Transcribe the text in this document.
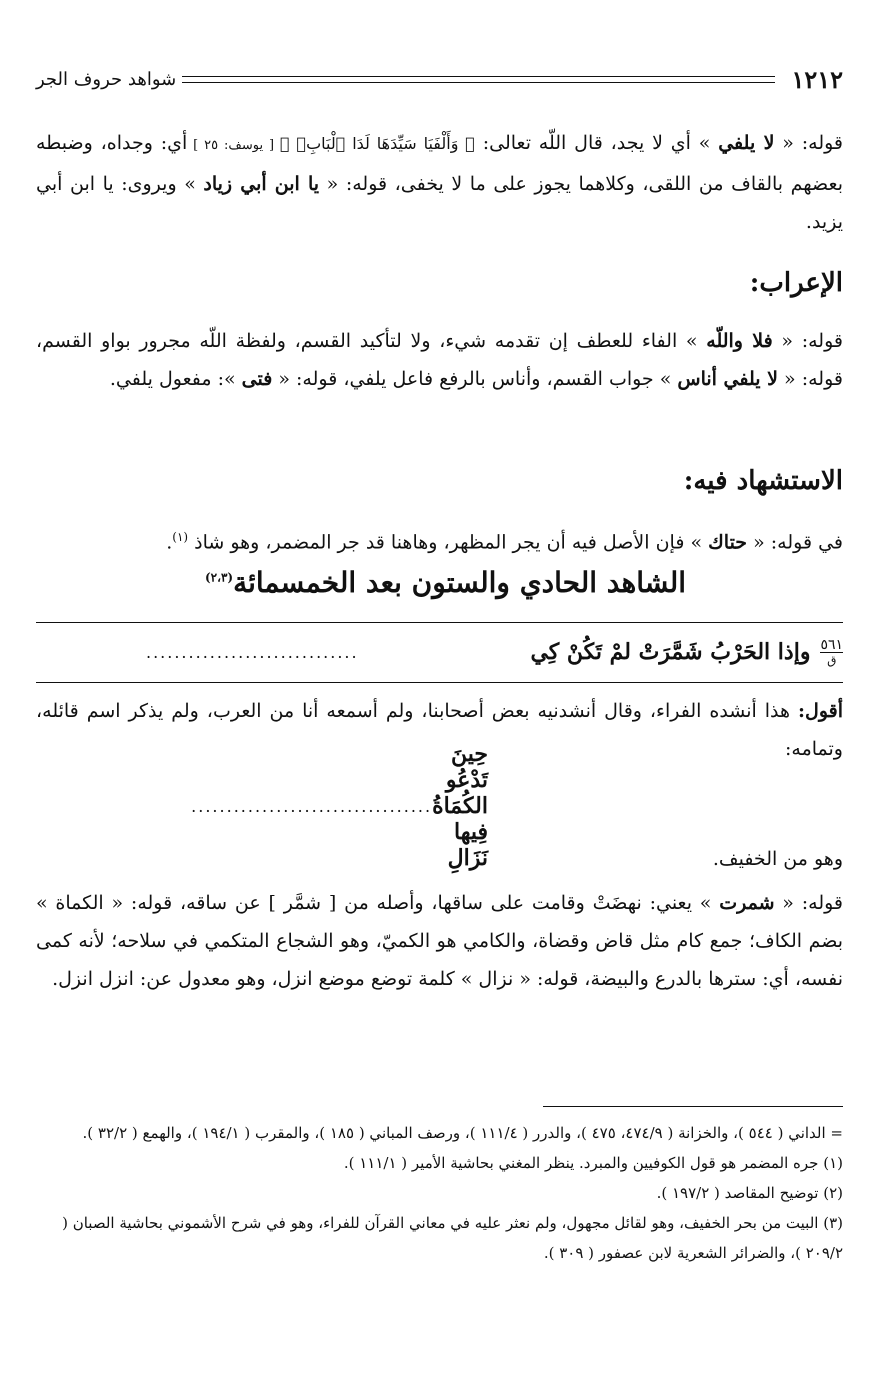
١٢١٢
شواهد حروف الجر
قوله: « لا يلفي » أي لا يجد، قال اللّه تعالى: ﴿ وَأَلْفَيَا سَيِّدَهَا لَدَا ٱلْبَابِۚ ﴾ [ يوسف: ٢٥ ] أي: وجداه، وضبطه بعضهم بالقاف من اللقى، وكلاهما يجوز على ما لا يخفى، قوله: « يا ابن أبي زياد » ويروى: يا ابن أبي يزيد.
الإعراب:
قوله: « فلا واللّه » الفاء للعطف إن تقدمه شيء، ولا لتأكيد القسم، ولفظة اللّه مجرور بواو القسم، قوله: « لا يلفي أناس » جواب القسم، وأناس بالرفع فاعل يلفي، قوله: « فتى »: مفعول يلفي.
الاستشهاد فيه:
في قوله: « حتاك » فإن الأصل فيه أن يجر المظهر، وهاهنا قد جر المضمر، وهو شاذ $^{(١)}$.
الشاهد الحادي والستون بعد الخمسمائة$^{(٢،٣)}$
٥٦١
ق
وإذا الحَرْبُ شَمَّرَتْ لمْ تَكُنْ كِي
..............................
أقول: هذا أنشده الفراء، وقال أنشدنيه بعض أصحابنا، ولم أسمعه أنا من العرب، ولم يذكر اسم قائله، وتمامه:
حِينَ تَدْعُو الكُمَاةُ فِيها نَزَالِ
..................................
وهو من الخفيف.
قوله: « شمرت » يعني: نهضَتْ وقامت على ساقها، وأصله من [ شمَّر ] عن ساقه، قوله: « الكماة » بضم الكاف؛ جمع كام مثل قاض وقضاة، والكامي هو الكميّ، وهو الشجاع المتكمي في سلاحه؛ لأنه كمى نفسه، أي: سترها بالدرع والبيضة، قوله: « نزال » كلمة توضع موضع انزل، وهو معدول عن: انزل انزل.

= الداني ( ٥٤٤ )، والخزانة ( ٤٧٤/٩، ٤٧٥ )، والدرر ( ١١١/٤ )، ورصف المباني ( ١٨٥ )، والمقرب ( ١٩٤/١ )، والهمع ( ٣٢/٢ ).

(١) جره المضمر هو قول الكوفيين والمبرد. ينظر المغني بحاشية الأمير ( ١١١/١ ).

(٢) توضيح المقاصد ( ١٩٧/٢ ).

(٣) البيت من بحر الخفيف، وهو لقائل مجهول، ولم نعثر عليه في معاني القرآن للفراء، وهو في شرح الأشموني بحاشية الصبان ( ٢٠٩/٢ )، والضرائر الشعرية لابن عصفور ( ٣٠٩ ).
